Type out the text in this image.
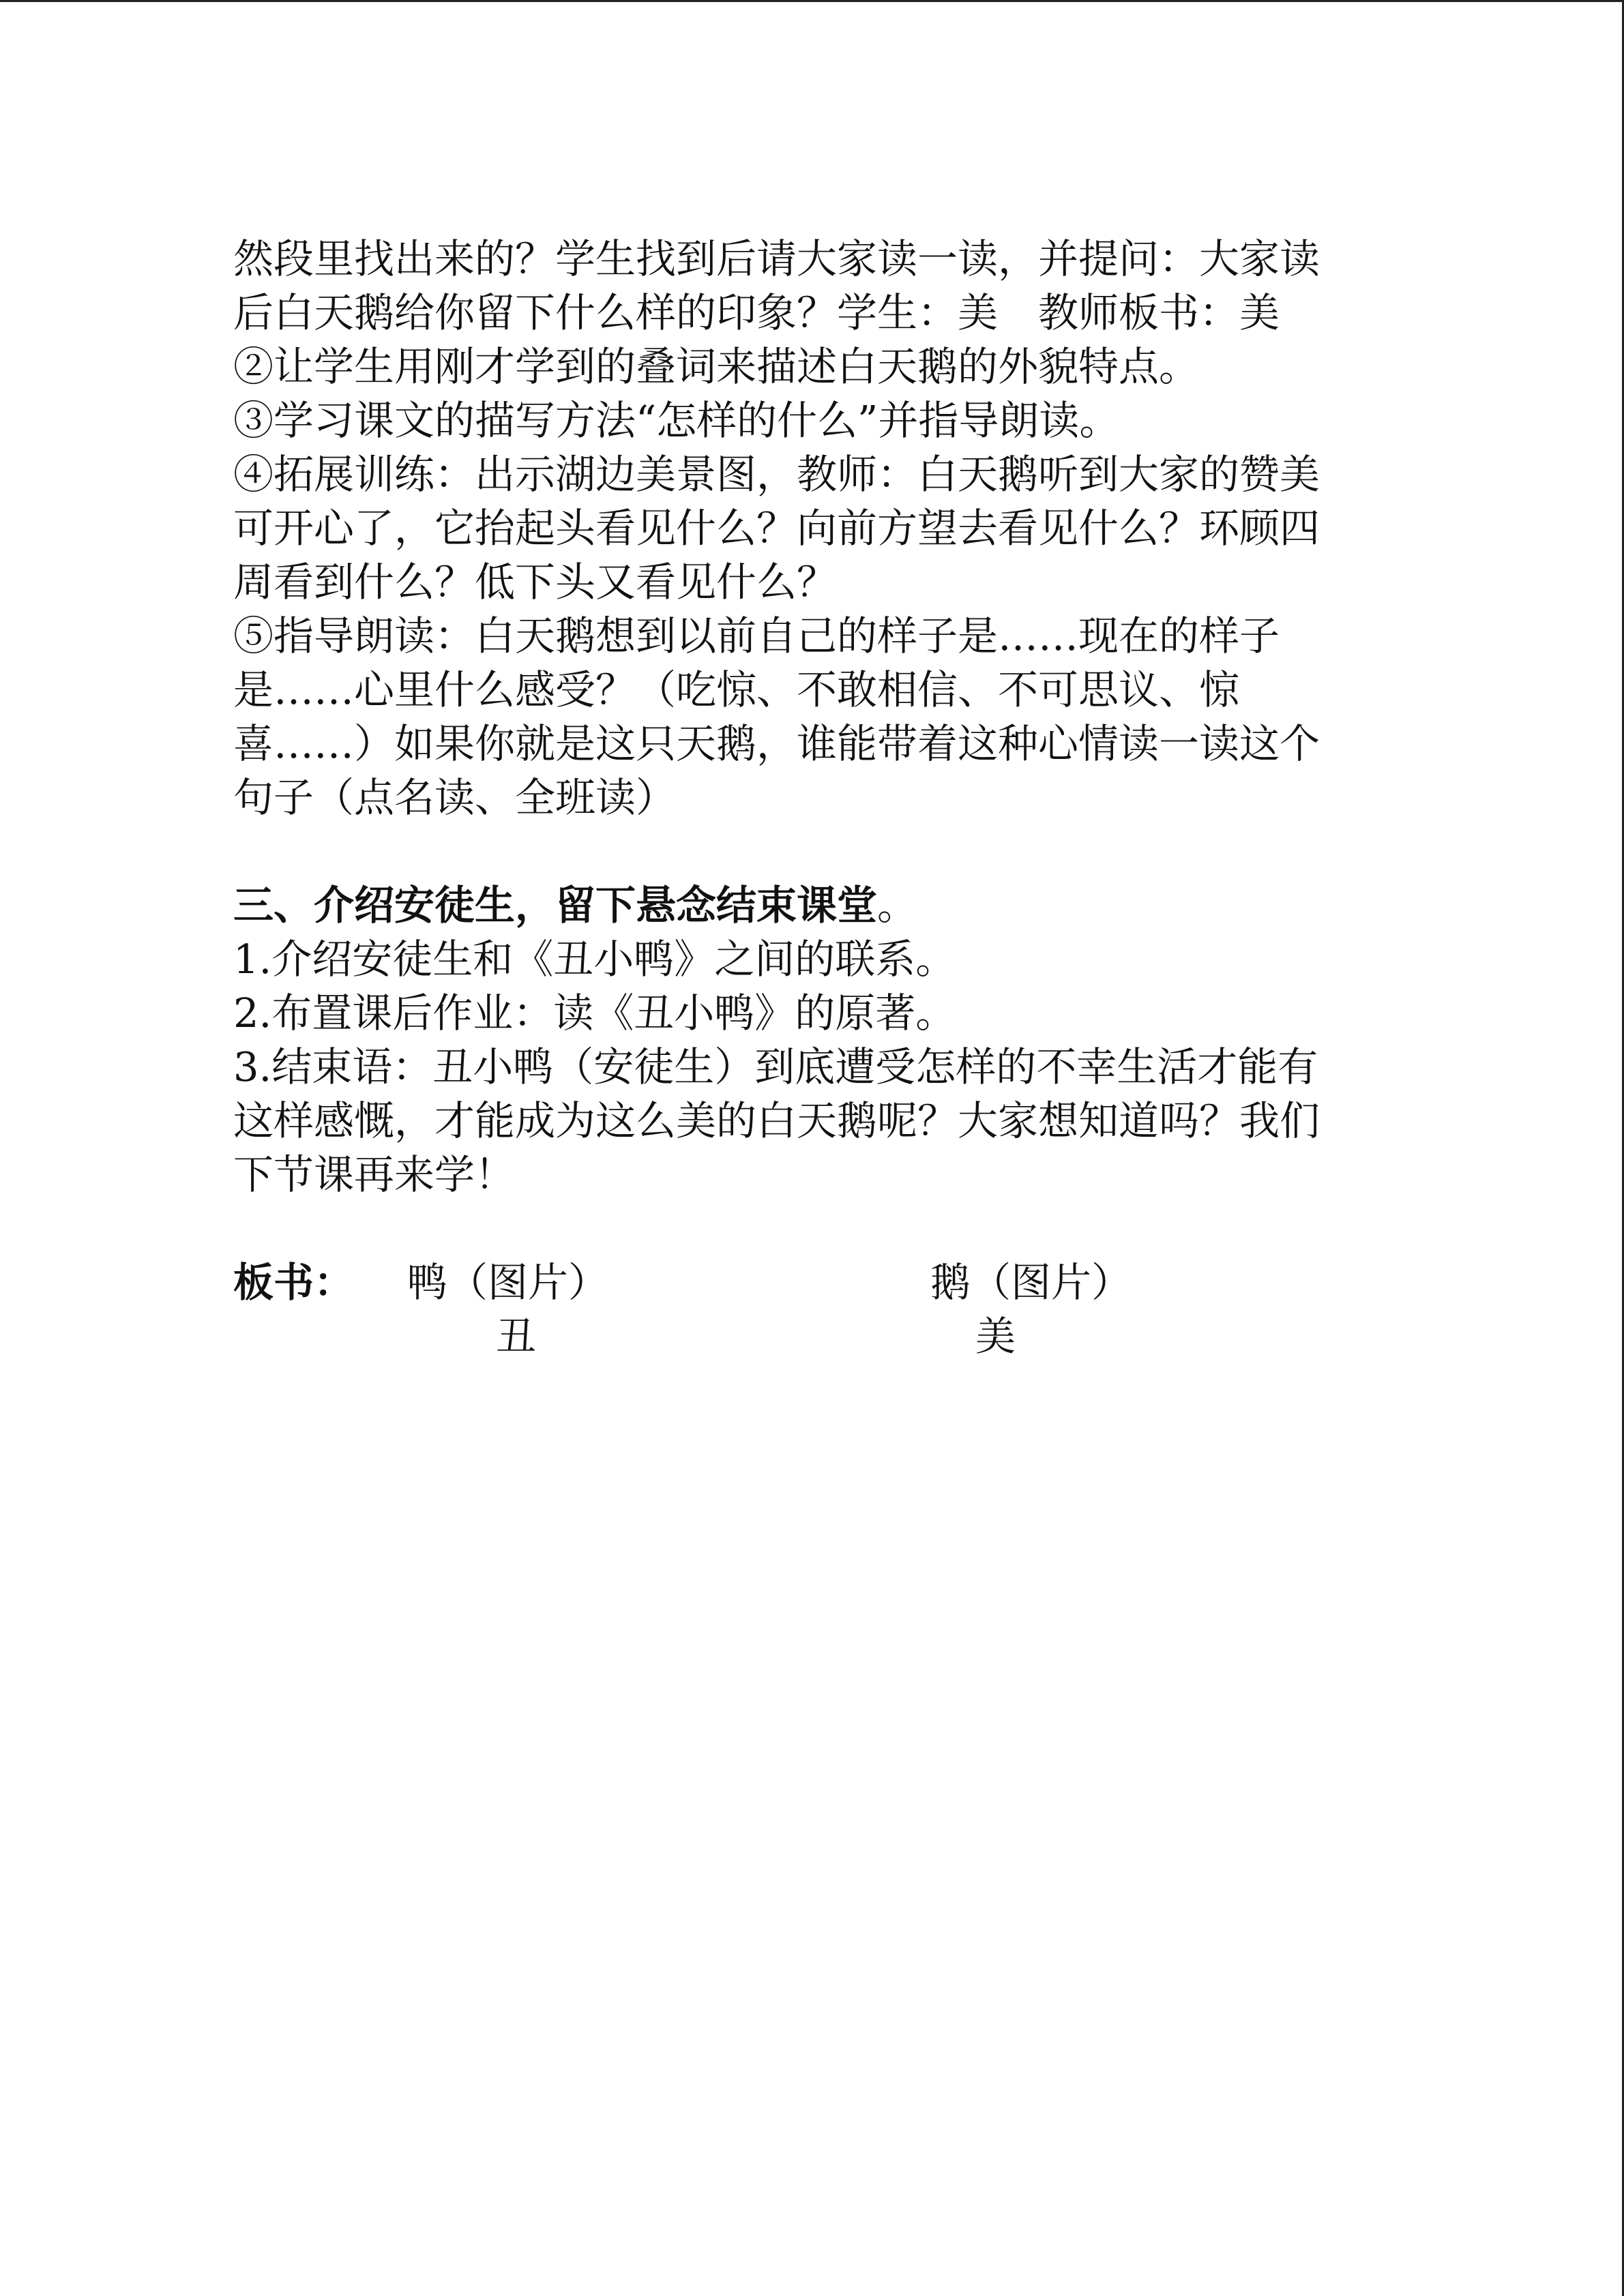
然段里找出来的？学生找到后请大家读一读，并提问：大家读
后白天鹅给你留下什么样的印象？学生：美　教师板书：美
②让学生用刚才学到的叠词来描述白天鹅的外貌特点。
③学习课文的描写方法“怎样的什么”并指导朗读。
④拓展训练：出示湖边美景图，教师：白天鹅听到大家的赞美
可开心了，它抬起头看见什么？向前方望去看见什么？环顾四
周看到什么？低下头又看见什么？
⑤指导朗读：白天鹅想到以前自己的样子是……现在的样子
是……心里什么感受？（吃惊、不敢相信、不可思议、惊
喜……）如果你就是这只天鹅，谁能带着这种心情读一读这个
句子（点名读、全班读）
三、介绍安徒生，留下悬念结束课堂。
1.介绍安徒生和《丑小鸭》之间的联系。
2.布置课后作业：读《丑小鸭》的原著。
3.结束语：丑小鸭（安徒生）到底遭受怎样的不幸生活才能有
这样感慨，才能成为这么美的白天鹅呢？大家想知道吗？我们
下节课再来学！
板书： 鸭（图片）	鹅（图片）
丑	美
